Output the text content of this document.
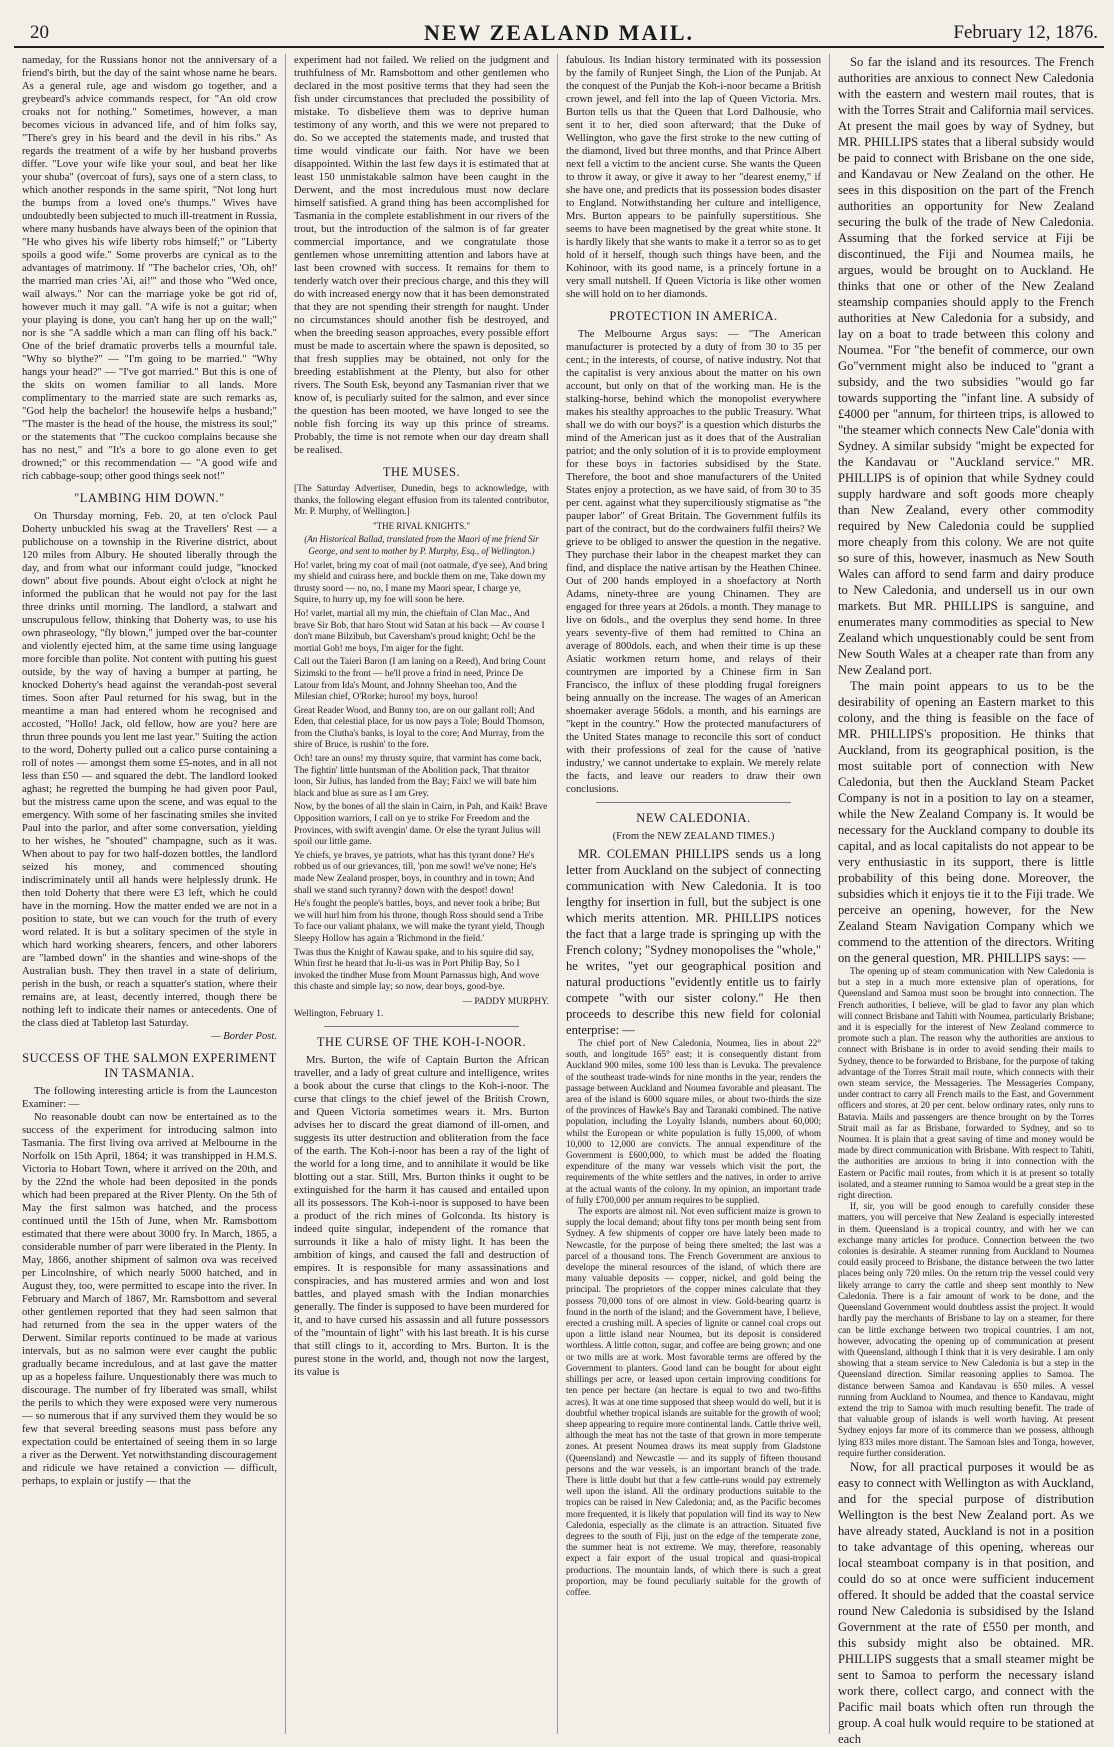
20	NEW ZEALAND MAIL.	February 12, 1876.

nameday, for the Russians honor not the anniversary of a friend's birth, but the day of the saint whose name he bears. As a general rule, age and wisdom go together, and a greybeard's advice commands respect, for "An old crow croaks not for nothing." Sometimes, however, a man becomes vicious in advanced life, and of him folks say, "There's grey in his beard and the devil in his ribs." As regards the treatment of a wife by her husband proverbs differ. "Love your wife like your soul, and beat her like your shuba" (overcoat of furs), says one of a stern class, to which another responds in the same spirit, "Not long hurt the bumps from a loved one's thumps." Wives have undoubtedly been subjected to much ill-treatment in Russia, where many husbands have always been of the opinion that "He who gives his wife liberty robs himself;" or "Liberty spoils a good wife." Some proverbs are cynical as to the advantages of matrimony. If "The bachelor cries, 'Oh, oh!' the married man cries 'Ai, ai!'" and those who "Wed once, wail always." Nor can the marriage yoke be got rid of, however much it may gall. "A wife is not a guitar; when your playing is done, you can't hang her up on the wall;" nor is she "A saddle which a man can fling off his back." One of the brief dramatic proverbs tells a mournful tale. "Why so blythe?" — "I'm going to be married." "Why hangs your head?" — "I've got married." But this is one of the skits on women familiar to all lands. More complimentary to the married state are such remarks as, "God help the bachelor! the housewife helps a husband;" "The master is the head of the house, the mistress its soul;" or the statements that "The cuckoo complains because she has no nest," and "It's a bore to go alone even to get drowned;" or this recommendation — "A good wife and rich cabbage-soup; other good things seek not!"

"LAMBING HIM DOWN."

On Thursday morning, Feb. 20, at ten o'clock Paul Doherty unbuckled his swag at the Travellers' Rest — a publichouse on a township in the Riverine district, about 120 miles from Albury. He shouted liberally through the day, and from what our informant could judge, "knocked down" about five pounds. About eight o'clock at night he informed the publican that he would not pay for the last three drinks until morning. The landlord, a stalwart and unscrupulous fellow, thinking that Doherty was, to use his own phraseology, "fly blown," jumped over the bar-counter and violently ejected him, at the same time using language more forcible than polite. Not content with putting his guest outside, by the way of having a bumper at parting, he knocked Doherty's head against the verandah-post several times. Soon after Paul returned for his swag, but in the meantime a man had entered whom he recognised and accosted, "Hollo! Jack, old fellow, how are you? here are thrun three pounds you lent me last year." Suiting the action to the word, Doherty pulled out a calico purse containing a roll of notes — amongst them some £5-notes, and in all not less than £50 — and squared the debt. The landlord looked aghast; he regretted the bumping he had given poor Paul, but the mistress came upon the scene, and was equal to the emergency. With some of her fascinating smiles she invited Paul into the parlor, and after some conversation, yielding to her wishes, he "shouted" champagne, such as it was. When about to pay for two half-dozen bottles, the landlord seized his money, and commenced shouting indiscriminately until all hands were helplessly drunk. He then told Doherty that there were £3 left, which he could have in the morning. How the matter ended we are not in a position to state, but we can vouch for the truth of every word related. It is but a solitary specimen of the style in which hard working shearers, fencers, and other laborers are "lambed down" in the shanties and wine-shops of the Australian bush. They then travel in a state of delirium, perish in the bush, or reach a squatter's station, where their remains are, at least, decently interred, though there be nothing left to indicate their names or antecedents. One of the class died at Tabletop last Saturday.

— Border Post.
SUCCESS OF THE SALMON EXPERIMENT IN TASMANIA.

The following interesting article is from the Launceston Examiner: —

No reasonable doubt can now be entertained as to the success of the experiment for introducing salmon into Tasmania. The first living ova arrived at Melbourne in the Norfolk on 15th April, 1864; it was transhipped in H.M.S. Victoria to Hobart Town, where it arrived on the 20th, and by the 22nd the whole had been deposited in the ponds which had been prepared at the River Plenty. On the 5th of May the first salmon was hatched, and the process continued until the 15th of June, when Mr. Ramsbottom estimated that there were about 3000 fry. In March, 1865, a considerable number of parr were liberated in the Plenty. In May, 1866, another shipment of salmon ova was received per Lincolnshire, of which nearly 5000 hatched, and in August they, too, were permitted to escape into the river. In February and March of 1867, Mr. Ramsbottom and several other gentlemen reported that they had seen salmon that had returned from the sea in the upper waters of the Derwent. Similar reports continued to be made at various intervals, but as no salmon were ever caught the public gradually became incredulous, and at last gave the matter up as a hopeless failure. Unquestionably there was much to discourage. The number of fry liberated was small, whilst the perils to which they were exposed were very numerous — so numerous that if any survived them they would be so few that several breeding seasons must pass before any expectation could be entertained of seeing them in so large a river as the Derwent. Yet notwithstanding discouragement and ridicule we have retained a conviction — difficult, perhaps, to explain or justify — that the

experiment had not failed. We relied on the judgment and truthfulness of Mr. Ramsbottom and other gentlemen who declared in the most positive terms that they had seen the fish under circumstances that precluded the possibility of mistake. To disbelieve them was to deprive human testimony of any worth, and this we were not prepared to do. So we accepted the statements made, and trusted that time would vindicate our faith. Nor have we been disappointed. Within the last few days it is estimated that at least 150 unmistakable salmon have been caught in the Derwent, and the most incredulous must now declare himself satisfied. A grand thing has been accomplished for Tasmania in the complete establishment in our rivers of the trout, but the introduction of the salmon is of far greater commercial importance, and we congratulate those gentlemen whose unremitting attention and labors have at last been crowned with success. It remains for them to tenderly watch over their precious charge, and this they will do with increased energy now that it has been demonstrated that they are not spending their strength for naught. Under no circumstances should another fish be destroyed, and when the breeding season approaches, every possible effort must be made to ascertain where the spawn is deposited, so that fresh supplies may be obtained, not only for the breeding establishment at the Plenty, but also for other rivers. The South Esk, beyond any Tasmanian river that we know of, is peculiarly suited for the salmon, and ever since the question has been mooted, we have longed to see the noble fish forcing its way up this prince of streams. Probably, the time is not remote when our day dream shall be realised.

THE MUSES.

[The Saturday Advertiser, Dunedin, begs to acknowledge, with thanks, the following elegant effusion from its talented contributor, Mr. P. Murphy, of Wellington.]

"THE RIVAL KNIGHTS."
(An Historical Ballad, translated from the Maori of me friend Sir George, and sent to mother by P. Murphy, Esq., of Wellington.)
Ho! varlet, bring my coat of mail (not oatmale, d'ye see), And bring my shield and cuirass here, and buckle them on me, Take down my thrusty soord — no, no, I mane my Maori spear, I charge ye, Squire, to hurry up, my foe will soon be here.
Ho! varlet, martial all my min, the chieftain of Clan Mac., And brave Sir Bob, that haro Stout wid Satan at his back — Av course I don't mane Bilzibub, but Caversham's proud knight; Och! be the mortial Gob! me boys, I'm aiger for the fight.
Call out the Taieri Baron (I am laning on a Reed), And bring Count Sizimski to the front — he'll prove a frind in need, Prince De Latour from Ida's Mount, and Johnny Sheehan too, And the Milesian chief, O'Rorke; huroo! my boys, huroo!
Great Reader Wood, and Bunny too, are on our gallant roll; And Eden, that celestial place, for us now pays a Tole; Bould Thomson, from the Clutha's banks, is loyal to the core; And Murray, from the shire of Bruce, is rushin' to the fore.
Och! tare an ouns! my thrusty squire, that varmint has come back, The fightin' little huntsman of the Abolition pack, That thraitor loon, Sir Julius, has landed from the Bay; Faix! we will bate him black and blue as sure as I am Grey.
Now, by the bones of all the slain in Cairn, in Pah, and Kaik! Brave Opposition warriors, I call on ye to strike For Freedom and the Provinces, with swift avengin' dame. Or else the tyrant Julius will spoil our little game.
Ye chiefs, ye braves, ye patriots, what has this tyrant done? He's robbed us of our grievances, till, 'pon me sowl! we've none; He's made New Zealand prosper, boys, in counthry and in town; And shall we stand such tyranny? down with the despot! down!
He's fought the people's battles, boys, and never took a bribe; But we will hurl him from his throne, though Ross should send a Tribe To face our valiant phalanx, we will make the tyrant yield, Though Sleepy Hollow has again a 'Richmond in the field.'
Twas thus the Knight of Kawau spake, and to his squire did say, Whin first he heard that Ju-li-us was in Port Philip Bay, So I invoked the tindher Muse from Mount Parnassus high, And wove this chaste and simple lay; so now, dear boys, good-bye.
— PADDY MURPHY.
Wellington, February 1.
THE CURSE OF THE KOH-I-NOOR.

Mrs. Burton, the wife of Captain Burton the African traveller, and a lady of great culture and intelligence, writes a book about the curse that clings to the Koh-i-noor. The curse that clings to the chief jewel of the British Crown, and Queen Victoria sometimes wears it. Mrs. Burton advises her to discard the great diamond of ill-omen, and suggests its utter destruction and obliteration from the face of the earth. The Koh-i-noor has been a ray of the light of the world for a long time, and to annihilate it would be like blotting out a star. Still, Mrs. Burton thinks it ought to be extinguished for the harm it has caused and entailed upon all its possessors. The Koh-i-noor is supposed to have been a product of the rich mines of Golconda. Its history is indeed quite singular, independent of the romance that surrounds it like a halo of misty light. It has been the ambition of kings, and caused the fall and destruction of empires. It is responsible for many assassinations and conspiracies, and has mustered armies and won and lost battles, and played smash with the Indian monarchies generally. The finder is supposed to have been murdered for it, and to have cursed his assassin and all future possessors of the "mountain of light" with his last breath. It is his curse that still clings to it, according to Mrs. Burton. It is the purest stone in the world, and, though not now the largest, its value is

fabulous. Its Indian history terminated with its possession by the family of Runjeet Singh, the Lion of the Punjab. At the conquest of the Punjab the Koh-i-noor became a British crown jewel, and fell into the lap of Queen Victoria. Mrs. Burton tells us that the Queen that Lord Dalhousie, who sent it to her, died soon afterward; that the Duke of Wellington, who gave the first stroke to the new cutting of the diamond, lived but three months, and that Prince Albert next fell a victim to the ancient curse. She wants the Queen to throw it away, or give it away to her "dearest enemy," if she have one, and predicts that its possession bodes disaster to England. Notwithstanding her culture and intelligence, Mrs. Burton appears to be painfully superstitious. She seems to have been magnetised by the great white stone. It is hardly likely that she wants to make it a terror so as to get hold of it herself, though such things have been, and the Kohinoor, with its good name, is a princely fortune in a very small nutshell. If Queen Victoria is like other women she will hold on to her diamonds.

PROTECTION IN AMERICA.

The Melbourne Argus says: — "The American manufacturer is protected by a duty of from 30 to 35 per cent.; in the interests, of course, of native industry. Not that the capitalist is very anxious about the matter on his own account, but only on that of the working man. He is the stalking-horse, behind which the monopolist everywhere makes his stealthy approaches to the public Treasury. 'What shall we do with our boys?' is a question which disturbs the mind of the American just as it does that of the Australian patriot; and the only solution of it is to provide employment for these boys in factories subsidised by the State. Therefore, the boot and shoe manufacturers of the United States enjoy a protection, as we have said, of from 30 to 35 per cent. against what they superciliously stigmatise as "the pauper labor" of Great Britain. The Government fulfils its part of the contract, but do the cordwainers fulfil theirs? We grieve to be obliged to answer the question in the negative. They purchase their labor in the cheapest market they can find, and displace the native artisan by the Heathen Chinee. Out of 200 hands employed in a shoefactory at North Adams, ninety-three are young Chinamen. They are engaged for three years at 26dols. a month. They manage to live on 6dols., and the overplus they send home. In three years seventy-five of them had remitted to China an average of 800dols. each, and when their time is up these Asiatic workmen return home, and relays of their countrymen are imported by a Chinese firm in San Francisco, the influx of these plodding frugal foreigners being annually on the increase. The wages of an American shoemaker average 56dols. a month, and his earnings are "kept in the country." How the protected manufacturers of the United States manage to reconcile this sort of conduct with their professions of zeal for the cause of 'native industry,' we cannot undertake to explain. We merely relate the facts, and leave our readers to draw their own conclusions.

NEW CALEDONIA.
(From the NEW ZEALAND TIMES.)

MR. COLEMAN PHILLIPS sends us a long letter from Auckland on the subject of connecting communication with New Caledonia. It is too lengthy for insertion in full, but the subject is one which merits attention. MR. PHILLIPS notices the fact that a large trade is springing up with the French colony; "Sydney monopolises the "whole," he writes, "yet our geographical position and natural productions "evidently entitle us to fairly compete "with our sister colony." He then proceeds to describe this new field for colonial enterprise: —

The chief port of New Caledonia, Noumea, lies in about 22° south, and longitude 165° east; it is consequently distant from Auckland 900 miles, some 100 less than is Levuka. The prevalence of the southeast trade-winds for nine months in the year, renders the passage between Auckland and Noumea favorable and pleasant. The area of the island is 6000 square miles, or about two-thirds the size of the provinces of Hawke's Bay and Taranaki combined. The native population, including the Loyalty Islands, numbers about 60,000; whilst the European or white population is fully 15,000, of whom 10,000 to 12,000 are convicts. The annual expenditure of the Government is £600,000, to which must be added the floating expenditure of the many war vessels which visit the port, the requirements of the white settlers and the natives, in order to arrive at the actual wants of the colony. In my opinion, an important trade of fully £700,000 per annum requires to be supplied.

The exports are almost nil. Not even sufficient maize is grown to supply the local demand; about fifty tons per month being sent from Sydney. A few shipments of copper ore have lately been made to Newcastle, for the purpose of being there smelted; the last was a parcel of a thousand tons. The French Government are anxious to develope the mineral resources of the island, of which there are many valuable deposits — copper, nickel, and gold being the principal. The proprietors of the copper mines calculate that they possess 70,000 tons of ore almost in view. Gold-bearing quartz is found in the north of the island; and the Government have, I believe, erected a crushing mill. A species of lignite or cannel coal crops out upon a little island near Noumea, but its deposit is considered worthless. A little cotton, sugar, and coffee are being grown; and one or two mills are at work. Most favorable terms are offered by the Government to planters. Good land can be bought for about eight shillings per acre, or leased upon certain improving conditions for ten pence per hectare (an hectare is equal to two and two-fifths acres). It was at one time supposed that sheep would do well, but it is doubtful whether tropical islands are suitable for the growth of wool; sheep appearing to require more continental lands. Cattle thrive well, although the meat has not the taste of that grown in more temperate zones. At present Noumea draws its meat supply from Gladstone (Queensland) and Newcastle — and its supply of fifteen thousand persons and the war vessels, is an important branch of the trade. There is little doubt but that a few cattle-runs would pay extremely well upon the island. All the ordinary productions suitable to the tropics can be raised in New Caledonia; and, as the Pacific becomes more frequented, it is likely that population will find its way to New Caledonia, especially as the climate is an attraction. Situated five degrees to the south of Fiji, just on the edge of the temperate zone, the summer heat is not extreme. We may, therefore, reasonably expect a fair export of the usual tropical and quasi-tropical productions. The mountain lands, of which there is such a great proportion, may be found peculiarly suitable for the growth of coffee.

So far the island and its resources. The French authorities are anxious to connect New Caledonia with the eastern and western mail routes, that is with the Torres Strait and California mail services. At present the mail goes by way of Sydney, but MR. PHILLIPS states that a liberal subsidy would be paid to connect with Brisbane on the one side, and Kandavau or New Zealand on the other. He sees in this disposition on the part of the French authorities an opportunity for New Zealand securing the bulk of the trade of New Caledonia. Assuming that the forked service at Fiji be discontinued, the Fiji and Noumea mails, he argues, would be brought on to Auckland. He thinks that one or other of the New Zealand steamship companies should apply to the French authorities at New Caledonia for a subsidy, and lay on a boat to trade between this colony and Noumea. "For "the benefit of commerce, our own Go"vernment might also be induced to "grant a subsidy, and the two subsidies "would go far towards supporting the "infant line. A subsidy of £4000 per "annum, for thirteen trips, is allowed to "the steamer which connects New Cale"donia with Sydney. A similar subsidy "might be expected for the Kandavau or "Auckland service." MR. PHILLIPS is of opinion that while Sydney could supply hardware and soft goods more cheaply than New Zealand, every other commodity required by New Caledonia could be supplied more cheaply from this colony. We are not quite so sure of this, however, inasmuch as New South Wales can afford to send farm and dairy produce to New Caledonia, and undersell us in our own markets. But MR. PHILLIPS is sanguine, and enumerates many commodities as special to New Zealand which unquestionably could be sent from New South Wales at a cheaper rate than from any New Zealand port.

The main point appears to us to be the desirability of opening an Eastern market to this colony, and the thing is feasible on the face of MR. PHILLIPS's proposition. He thinks that Auckland, from its geographical position, is the most suitable port of connection with New Caledonia, but then the Auckland Steam Packet Company is not in a position to lay on a steamer, while the New Zealand Company is. It would be necessary for the Auckland company to double its capital, and as local capitalists do not appear to be very enthusiastic in its support, there is little probability of this being done. Moreover, the subsidies which it enjoys tie it to the Fiji trade. We perceive an opening, however, for the New Zealand Steam Navigation Company which we commend to the attention of the directors. Writing on the general question, MR. PHILLIPS says: —

The opening up of steam communication with New Caledonia is but a step in a much more extensive plan of operations, for Queensland and Samoa must soon be brought into connection. The French authorities, I believe, will be glad to favor any plan which will connect Brisbane and Tahiti with Noumea, particularly Brisbane; and it is especially for the interest of New Zealand commerce to promote such a plan. The reason why the authorities are anxious to connect with Brisbane is in order to avoid sending their mails to Sydney, thence to be forwarded to Brisbane, for the purpose of taking advantage of the Torres Strait mail route, which connects with their own steam service, the Messageries. The Messageries Company, under contract to carry all French mails to the East, and Government officers and stores, at 20 per cent. below ordinary rates, only runs to Batavia. Mails and passengers are thence brought on by the Torres Strait mail as far as Brisbane, forwarded to Sydney, and so to Noumea. It is plain that a great saving of time and money would be made by direct communication with Brisbane. With respect to Tahiti, the authorities are anxious to bring it into connection with the Eastern or Pacific mail routes, from which it is at present so totally isolated, and a steamer running to Samoa would be a great step in the right direction.

If, sir, you will be good enough to carefully consider these matters, you will perceive that New Zealand is especially interested in them. Queensland is a tropical country, and with her we can exchange many articles for produce. Connection between the two colonies is desirable. A steamer running from Auckland to Noumea could easily proceed to Brisbane, the distance between the two latter places being only 720 miles. On the return trip the vessel could very likely arrange to carry the cattle and sheep sent monthly to New Caledonia. There is a fair amount of work to be done, and the Queensland Government would doubtless assist the project. It would hardly pay the merchants of Brisbane to lay on a steamer, for there can be little exchange between two tropical countries. I am not, however, advocating the opening up of communication at present with Queensland, although I think that it is very desirable. I am only showing that a steam service to New Caledonia is but a step in the Queensland direction. Similar reasoning applies to Samoa. The distance between Samoa and Kandavau is 650 miles. A vessel running from Auckland to Noumea, and thence to Kandavau, might extend the trip to Samoa with much resulting benefit. The trade of that valuable group of islands is well worth having. At present Sydney enjoys far more of its commerce than we possess, although lying 833 miles more distant. The Samoan Isles and Tonga, however, require further consideration.

Now, for all practical purposes it would be as easy to connect with Wellington as with Auckland, and for the special purpose of distribution Wellington is the best New Zealand port. As we have already stated, Auckland is not in a position to take advantage of this opening, whereas our local steamboat company is in that position, and could do so at once were sufficient inducement offered. It should be added that the coastal service round New Caledonia is subsidised by the Island Government at the rate of £550 per month, and this subsidy might also be obtained. MR. PHILLIPS suggests that a small steamer might be sent to Samoa to perform the necessary island work there, collect cargo, and connect with the Pacific mail boats which often run through the group. A coal hulk would require to be stationed at each
